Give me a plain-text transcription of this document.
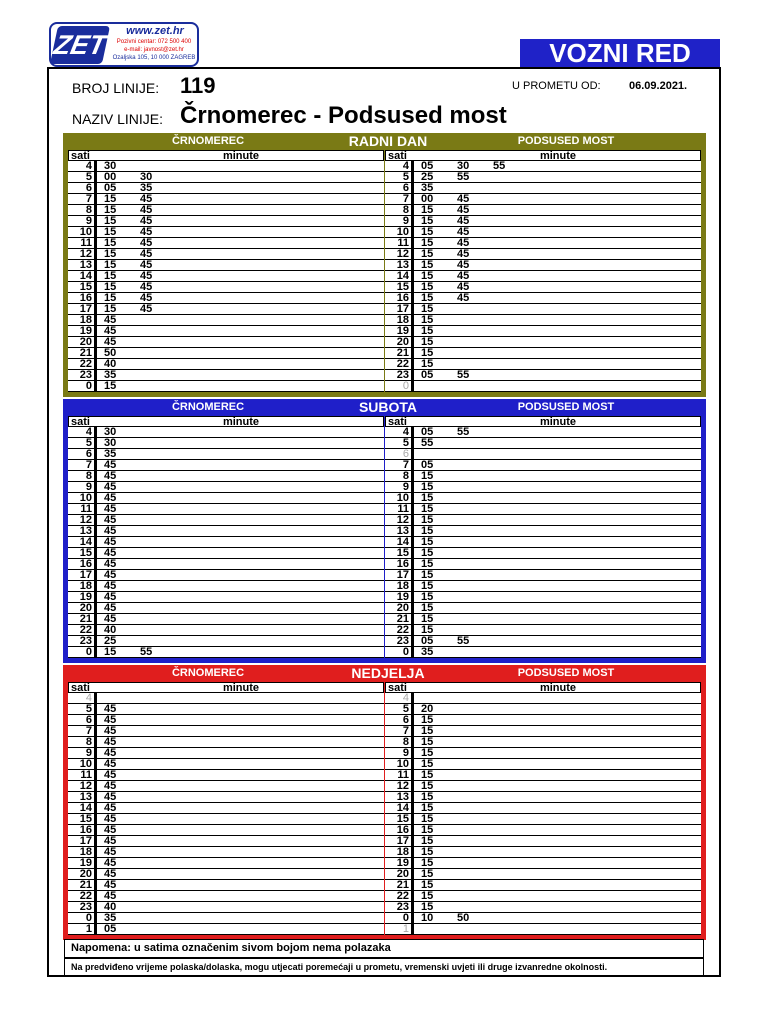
ZET	www.zet.hr
Pozivni centar: 072 500 400
e-mail: javnost@zet.hr
Ozaljska 105, 10 000 ZAGREB	VOZNI RED
BROJ LINIJE: 119	U PROMETU OD:	06.09.2021.
NAZIV LINIJE: Črnomerec - Podsused most
ČRNOMEREC	RADNI DAN	PODSUSED MOST
sati	minute
4 30
5 00 30
6 05 35
7 15 45
8 15 45
9 15 45
10 15 45
11 15 45
12 15 45
13 15 45
14 15 45
15 15 45
16 15 45
17 15 45
18 45
19 45
20 45
21 50
22 40
23 35
0 15
sati	minute
4 05 30 55
5 25 55
6 35
7 00 45
8 15 45
9 15 45
10 15 45
11 15 45
12 15 45
13 15 45
14 15 45
15 15 45
16 15 45
17 15
18 15
19 15
20 15
21 15
22 15
23 05 55
0
ČRNOMEREC	SUBOTA	PODSUSED MOST
sati	minute
4 30
5 30
6 35
7 45
8 45
9 45
10 45
11 45
12 45
13 45
14 45
15 45
16 45
17 45
18 45
19 45
20 45
21 45
22 40
23 25
0 15 55
sati	minute
4 05 55
5 55
6
7 05
8 15
9 15
10 15
11 15
12 15
13 15
14 15
15 15
16 15
17 15
18 15
19 15
20 15
21 15
22 15
23 05 55
0 35
ČRNOMEREC	NEDJELJA	PODSUSED MOST
sati	minute
4
5 45
6 45
7 45
8 45
9 45
10 45
11 45
12 45
13 45
14 45
15 45
16 45
17 45
18 45
19 45
20 45
21 45
22 45
23 40
0 35
1 05
sati	minute
4
5 20
6 15
7 15
8 15
9 15
10 15
11 15
12 15
13 15
14 15
15 15
16 15
17 15
18 15
19 15
20 15
21 15
22 15
23 15
0 10 50
1
Napomena: u satima označenim sivom bojom nema polazaka
Na predviđeno vrijeme polaska/dolaska, mogu utjecati poremećaji u prometu, vremenski uvjeti ili druge izvanredne okolnosti.
